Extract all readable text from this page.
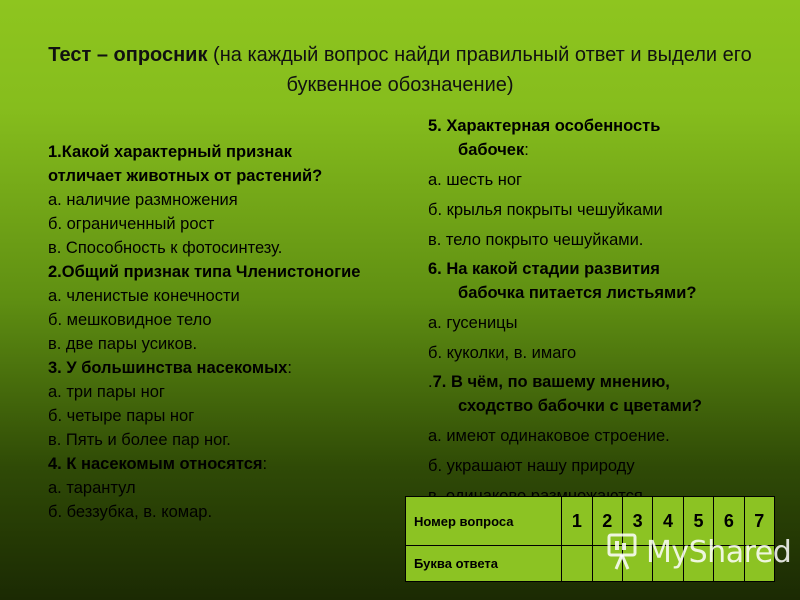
Тест – опросник (на каждый вопрос найди правильный ответ и выдели его буквенное обозначение)

1.Какой характерный признак

отличает животных от растений?

а. наличие размножения

б. ограниченный рост

в. Способность к фотосинтезу.

2.Общий признак типа Членистоногие

а. членистые конечности

б. мешковидное тело

в. две пары усиков.

3. У большинства насекомых:

а. три пары ног

б. четыре пары ног

в. Пять и более пар ног.

4. К насекомым относятся:

а. тарантул

б. беззубка, в. комар.

5. Характерная особенность
бабочек:

а. шесть ног

б. крылья покрыты чешуйками

в. тело покрыто чешуйками.

6. На какой стадии развития
бабочка питается листьями?

а. гусеницы

б. куколки, в. имаго

.7. В чём, по вашему мнению,
сходство бабочки с цветами?

а. имеют одинаковое строение.

б. украшают нашу природу

Номер вопроса	1	2	3	4	5	6	7
Буква ответа								MyShared
